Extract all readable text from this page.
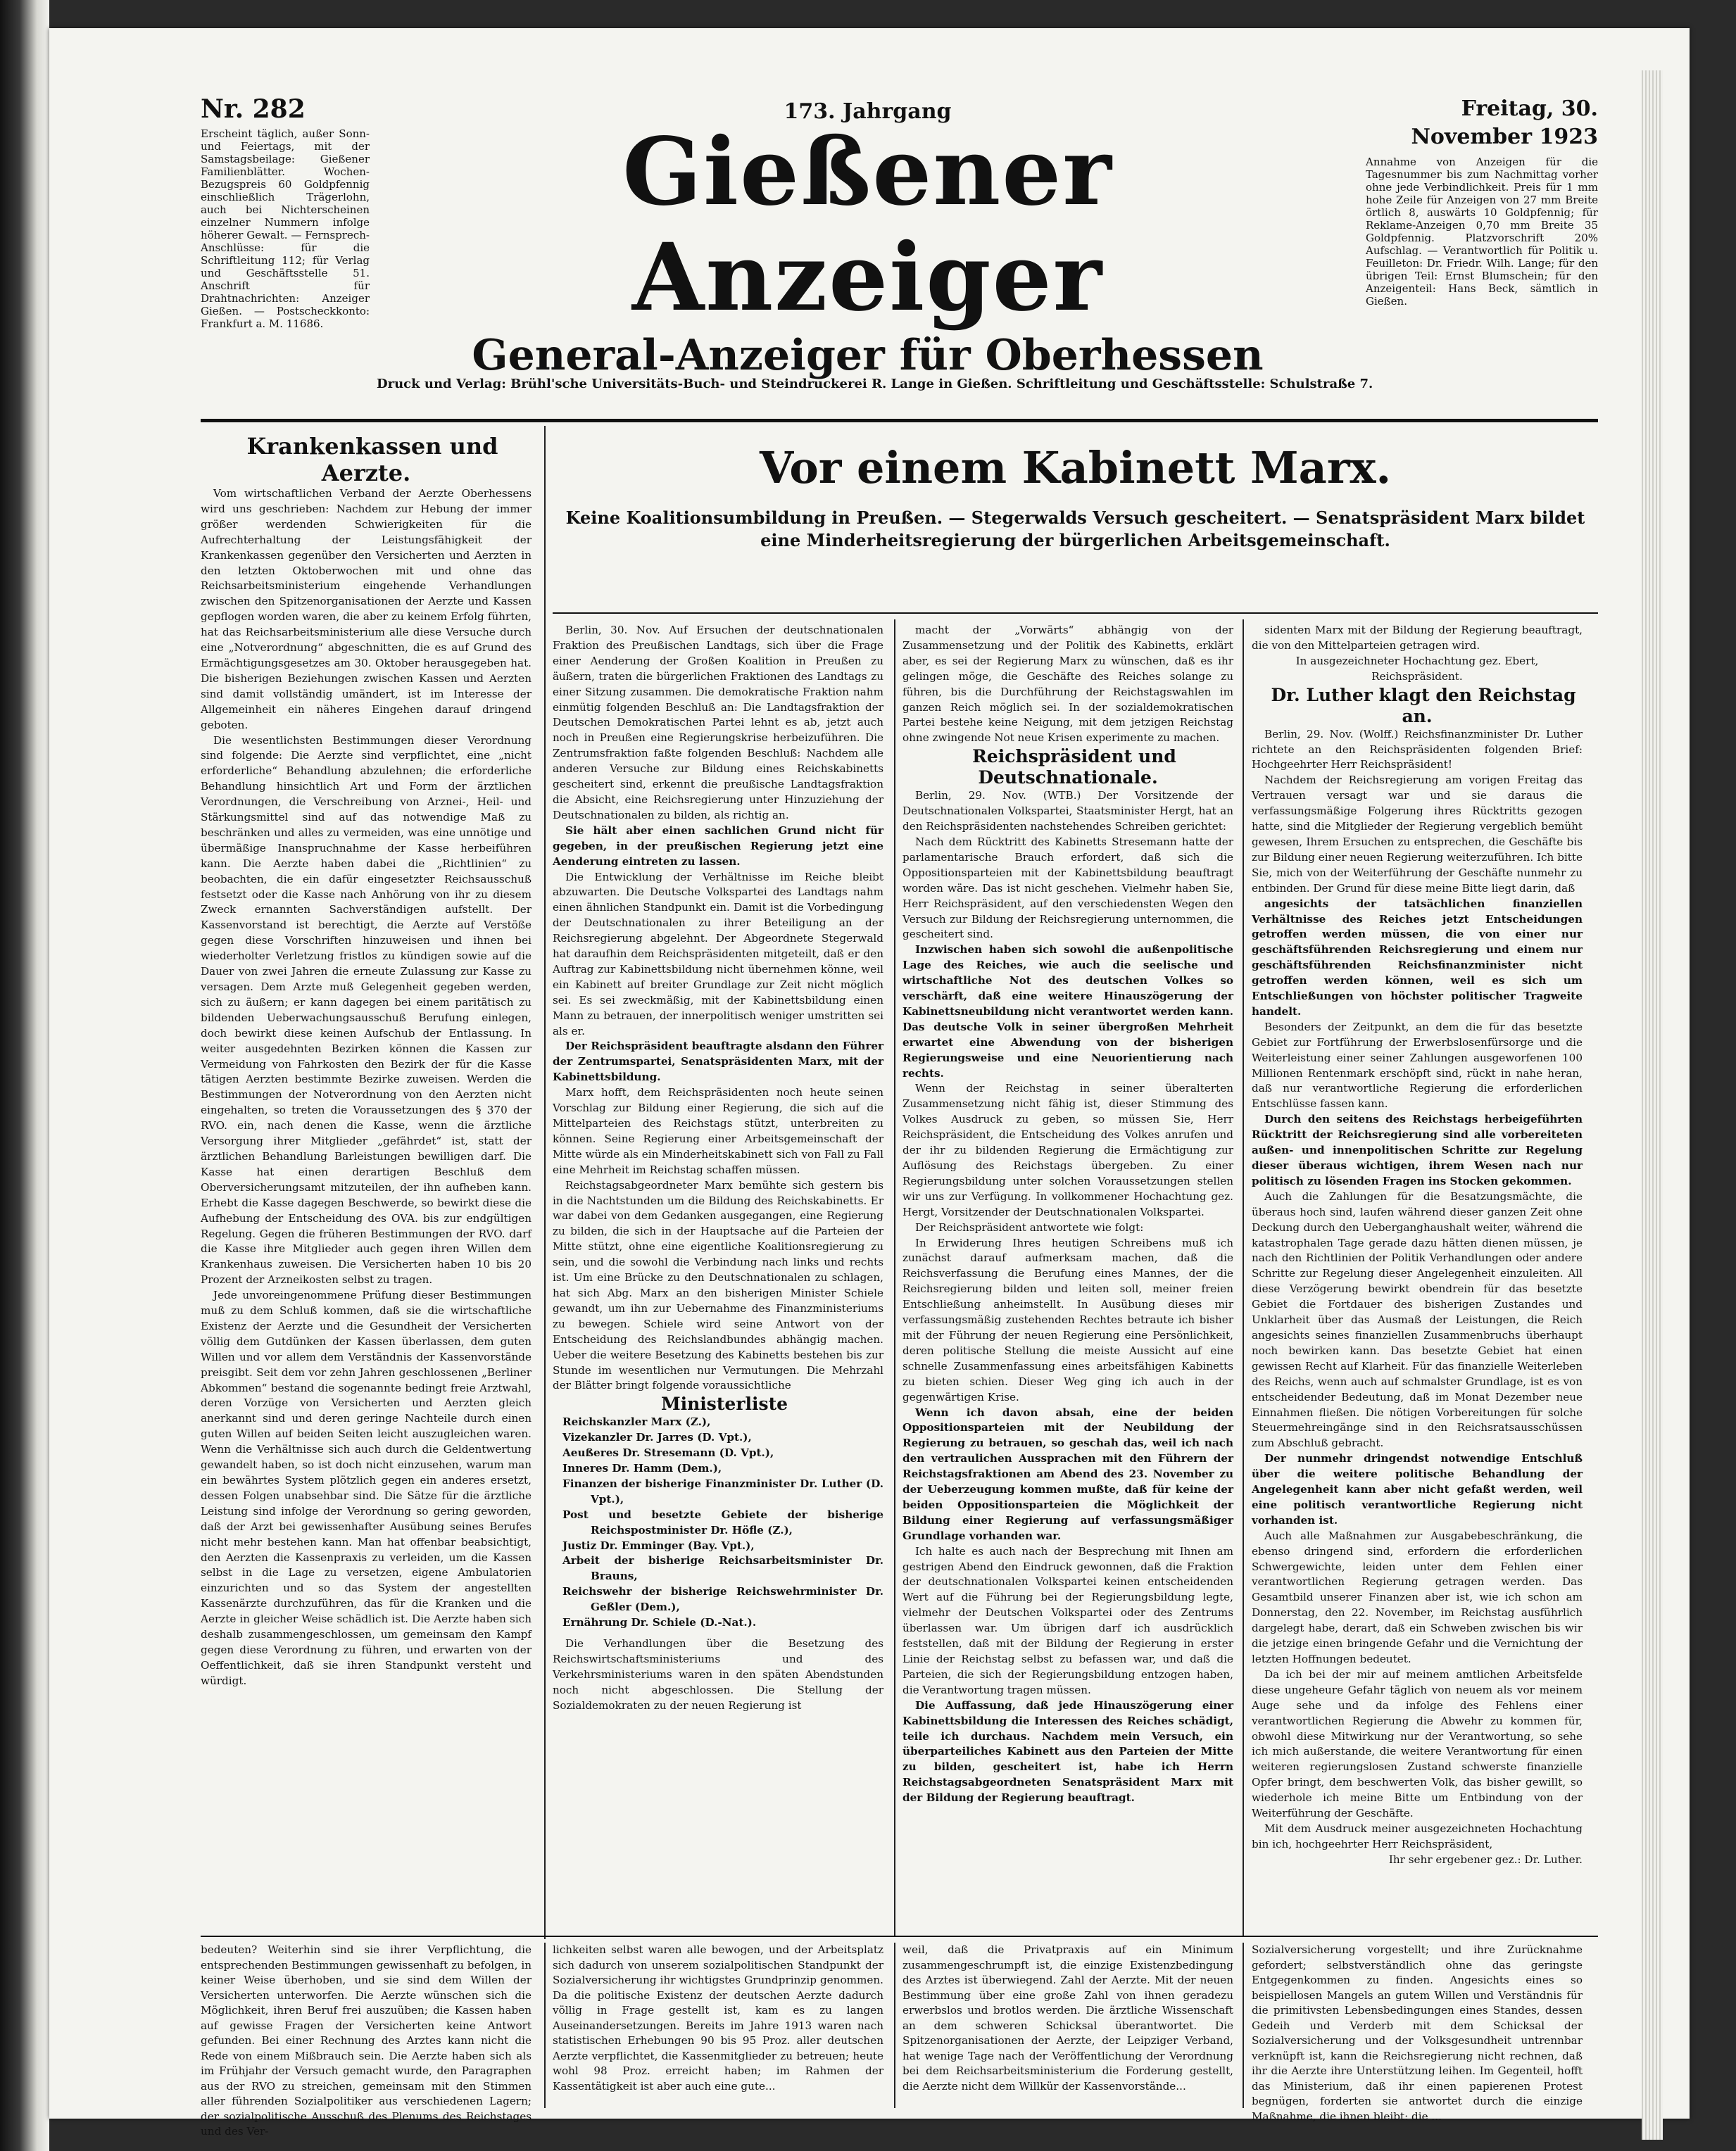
Nr. 282
Erscheint täglich, außer Sonn- und Feiertags, mit der Samstagsbeilage: Gießener Familienblätter. Wochen-Bezugspreis 60 Goldpfennig einschließlich Trägerlohn, auch bei Nichterscheinen einzelner Nummern infolge höherer Gewalt. — Fernsprech-Anschlüsse: für die Schriftleitung 112; für Verlag und Geschäftsstelle 51. Anschrift für Drahtnachrichten: Anzeiger Gießen. — Postscheckkonto: Frankfurt a. M. 11686.
173. Jahrgang
Gießener Anzeiger
General-Anzeiger für Oberhessen
Druck und Verlag: Brühl'sche Universitäts-Buch- und Steindruckerei R. Lange in Gießen. Schriftleitung und Geschäftsstelle: Schulstraße 7.
Freitag, 30. November 1923
Annahme von Anzeigen für die Tagesnummer bis zum Nachmittag vorher ohne jede Verbindlichkeit. Preis für 1 mm hohe Zeile für Anzeigen von 27 mm Breite örtlich 8, auswärts 10 Goldpfennig; für Reklame-Anzeigen 0,70 mm Breite 35 Goldpfennig. Platzvorschrift 20% Aufschlag. — Verantwortlich für Politik u. Feuilleton: Dr. Friedr. Wilh. Lange; für den übrigen Teil: Ernst Blumschein; für den Anzeigenteil: Hans Beck, sämtlich in Gießen.

Krankenkassen und Aerzte.

Vom wirtschaftlichen Verband der Aerzte Oberhessens wird uns geschrieben: Nachdem zur Hebung der immer größer werdenden Schwierigkeiten für die Aufrechterhaltung der Leistungsfähigkeit der Krankenkassen gegenüber den Versicherten und Aerzten in den letzten Oktoberwochen mit und ohne das Reichsarbeitsministerium eingehende Verhandlungen zwischen den Spitzenorganisationen der Aerzte und Kassen gepflogen worden waren, die aber zu keinem Erfolg führten, hat das Reichsarbeitsministerium alle diese Versuche durch eine „Notverordnung“ abgeschnitten, die es auf Grund des Ermächtigungsgesetzes am 30. Oktober herausgegeben hat. Die bisherigen Beziehungen zwischen Kassen und Aerzten sind damit vollständig umändert, ist im Interesse der Allgemeinheit ein näheres Eingehen darauf dringend geboten.

Die wesentlichsten Bestimmungen dieser Verordnung sind folgende: Die Aerzte sind verpflichtet, eine „nicht erforderliche“ Behandlung abzulehnen; die erforderliche Behandlung hinsichtlich Art und Form der ärztlichen Verordnungen, die Verschreibung von Arznei-, Heil- und Stärkungsmittel sind auf das notwendige Maß zu beschränken und alles zu vermeiden, was eine unnötige und übermäßige Inanspruchnahme der Kasse herbeiführen kann. Die Aerzte haben dabei die „Richtlinien“ zu beobachten, die ein dafür eingesetzter Reichsausschuß festsetzt oder die Kasse nach Anhörung von ihr zu diesem Zweck ernannten Sachverständigen aufstellt. Der Kassenvorstand ist berechtigt, die Aerzte auf Verstöße gegen diese Vorschriften hinzuweisen und ihnen bei wiederholter Verletzung fristlos zu kündigen sowie auf die Dauer von zwei Jahren die erneute Zulassung zur Kasse zu versagen. Dem Arzte muß Gelegenheit gegeben werden, sich zu äußern; er kann dagegen bei einem paritätisch zu bildenden Ueberwachungsausschuß Berufung einlegen, doch bewirkt diese keinen Aufschub der Entlassung. In weiter ausgedehnten Bezirken können die Kassen zur Vermeidung von Fahrkosten den Bezirk der für die Kasse tätigen Aerzten bestimmte Bezirke zuweisen. Werden die Bestimmungen der Notverordnung von den Aerzten nicht eingehalten, so treten die Voraussetzungen des § 370 der RVO. ein, nach denen die Kasse, wenn die ärztliche Versorgung ihrer Mitglieder „gefährdet“ ist, statt der ärztlichen Behandlung Barleistungen bewilligen darf. Die Kasse hat einen derartigen Beschluß dem Oberversicherungsamt mitzuteilen, der ihn aufheben kann. Erhebt die Kasse dagegen Beschwerde, so bewirkt diese die Aufhebung der Entscheidung des OVA. bis zur endgültigen Regelung. Gegen die früheren Bestimmungen der RVO. darf die Kasse ihre Mitglieder auch gegen ihren Willen dem Krankenhaus zuweisen. Die Versicherten haben 10 bis 20 Prozent der Arzneikosten selbst zu tragen.

Jede unvoreingenommene Prüfung dieser Bestimmungen muß zu dem Schluß kommen, daß sie die wirtschaftliche Existenz der Aerzte und die Gesundheit der Versicherten völlig dem Gutdünken der Kassen überlassen, dem guten Willen und vor allem dem Verständnis der Kassenvorstände preisgibt. Seit dem vor zehn Jahren geschlossenen „Berliner Abkommen“ bestand die sogenannte bedingt freie Arztwahl, deren Vorzüge von Versicherten und Aerzten gleich anerkannt sind und deren geringe Nachteile durch einen guten Willen auf beiden Seiten leicht auszugleichen waren. Wenn die Verhältnisse sich auch durch die Geldentwertung gewandelt haben, so ist doch nicht einzusehen, warum man ein bewährtes System plötzlich gegen ein anderes ersetzt, dessen Folgen unabsehbar sind. Die Sätze für die ärztliche Leistung sind infolge der Verordnung so gering geworden, daß der Arzt bei gewissenhafter Ausübung seines Berufes nicht mehr bestehen kann. Man hat offenbar beabsichtigt, den Aerzten die Kassenpraxis zu verleiden, um die Kassen selbst in die Lage zu versetzen, eigene Ambulatorien einzurichten und so das System der angestellten Kassenärzte durchzuführen, das für die Kranken und die Aerzte in gleicher Weise schädlich ist. Die Aerzte haben sich deshalb zusammengeschlossen, um gemeinsam den Kampf gegen diese Verordnung zu führen, und erwarten von der Oeffentlichkeit, daß sie ihren Standpunkt versteht und würdigt.

Vor einem Kabinett Marx.
Keine Koalitionsumbildung in Preußen. — Stegerwalds Versuch gescheitert. — Senatspräsident Marx bildet eine Minderheitsregierung der bürgerlichen Arbeitsgemeinschaft.

Berlin, 30. Nov. Auf Ersuchen der deutschnationalen Fraktion des Preußischen Landtags, sich über die Frage einer Aenderung der Großen Koalition in Preußen zu äußern, traten die bürgerlichen Fraktionen des Landtags zu einer Sitzung zusammen. Die demokratische Fraktion nahm einmütig folgenden Beschluß an: Die Landtagsfraktion der Deutschen Demokratischen Partei lehnt es ab, jetzt auch noch in Preußen eine Regierungskrise herbeizuführen. Die Zentrumsfraktion faßte folgenden Beschluß: Nachdem alle anderen Versuche zur Bildung eines Reichskabinetts gescheitert sind, erkennt die preußische Landtagsfraktion die Absicht, eine Reichsregierung unter Hinzuziehung der Deutschnationalen zu bilden, als richtig an.

Sie hält aber einen sachlichen Grund nicht für gegeben, in der preußischen Regierung jetzt eine Aenderung eintreten zu lassen.

Die Entwicklung der Verhältnisse im Reiche bleibt abzuwarten. Die Deutsche Volkspartei des Landtags nahm einen ähnlichen Standpunkt ein. Damit ist die Vorbedingung der Deutschnationalen zu ihrer Beteiligung an der Reichsregierung abgelehnt. Der Abgeordnete Stegerwald hat daraufhin dem Reichspräsidenten mitgeteilt, daß er den Auftrag zur Kabinettsbildung nicht übernehmen könne, weil ein Kabinett auf breiter Grundlage zur Zeit nicht möglich sei. Es sei zweckmäßig, mit der Kabinettsbildung einen Mann zu betrauen, der innerpolitisch weniger umstritten sei als er.

Der Reichspräsident beauftragte alsdann den Führer der Zentrumspartei, Senatspräsidenten Marx, mit der Kabinettsbildung.

Marx hofft, dem Reichspräsidenten noch heute seinen Vorschlag zur Bildung einer Regierung, die sich auf die Mittelparteien des Reichstags stützt, unterbreiten zu können. Seine Regierung einer Arbeitsgemeinschaft der Mitte würde als ein Minderheitskabinett sich von Fall zu Fall eine Mehrheit im Reichstag schaffen müssen.

Reichstagsabgeordneter Marx bemühte sich gestern bis in die Nachtstunden um die Bildung des Reichskabinetts. Er war dabei von dem Gedanken ausgegangen, eine Regierung zu bilden, die sich in der Hauptsache auf die Parteien der Mitte stützt, ohne eine eigentliche Koalitionsregierung zu sein, und die sowohl die Verbindung nach links und rechts ist. Um eine Brücke zu den Deutschnationalen zu schlagen, hat sich Abg. Marx an den bisherigen Minister Schiele gewandt, um ihn zur Uebernahme des Finanzministeriums zu bewegen. Schiele wird seine Antwort von der Entscheidung des Reichslandbundes abhängig machen. Ueber die weitere Besetzung des Kabinetts bestehen bis zur Stunde im wesentlichen nur Vermutungen. Die Mehrzahl der Blätter bringt folgende voraussichtliche

Ministerliste

Reichskanzler Marx (Z.),

Vizekanzler Dr. Jarres (D. Vpt.),

Aeußeres Dr. Stresemann (D. Vpt.),

Inneres Dr. Hamm (Dem.),

Finanzen der bisherige Finanzminister Dr. Luther (D. Vpt.),

Post und besetzte Gebiete der bisherige Reichspostminister Dr. Höfle (Z.),

Justiz Dr. Emminger (Bay. Vpt.),

Arbeit der bisherige Reichsarbeitsminister Dr. Brauns,

Reichswehr der bisherige Reichswehrminister Dr. Geßler (Dem.),

Ernährung Dr. Schiele (D.-Nat.).

Die Verhandlungen über die Besetzung des Reichswirtschaftsministeriums und des Verkehrsministeriums waren in den späten Abendstunden noch nicht abgeschlossen. Die Stellung der Sozialdemokraten zu der neuen Regierung ist

macht der „Vorwärts“ abhängig von der Zusammensetzung und der Politik des Kabinetts, erklärt aber, es sei der Regierung Marx zu wünschen, daß es ihr gelingen möge, die Geschäfte des Reiches solange zu führen, bis die Durchführung der Reichstagswahlen im ganzen Reich möglich sei. In der sozialdemokratischen Partei bestehe keine Neigung, mit dem jetzigen Reichstag ohne zwingende Not neue Krisen experimente zu machen.

Reichspräsident und Deutschnationale.

Berlin, 29. Nov. (WTB.) Der Vorsitzende der Deutschnationalen Volkspartei, Staatsminister Hergt, hat an den Reichspräsidenten nachstehendes Schreiben gerichtet:

Nach dem Rücktritt des Kabinetts Stresemann hatte der parlamentarische Brauch erfordert, daß sich die Oppositionsparteien mit der Kabinettsbildung beauftragt worden wäre. Das ist nicht geschehen. Vielmehr haben Sie, Herr Reichspräsident, auf den verschiedensten Wegen den Versuch zur Bildung der Reichsregierung unternommen, die gescheitert sind.

Inzwischen haben sich sowohl die außenpolitische Lage des Reiches, wie auch die seelische und wirtschaftliche Not des deutschen Volkes so verschärft, daß eine weitere Hinauszögerung der Kabinettsneubildung nicht verantwortet werden kann. Das deutsche Volk in seiner übergroßen Mehrheit erwartet eine Abwendung von der bisherigen Regierungsweise und eine Neuorientierung nach rechts.

Wenn der Reichstag in seiner überalterten Zusammensetzung nicht fähig ist, dieser Stimmung des Volkes Ausdruck zu geben, so müssen Sie, Herr Reichspräsident, die Entscheidung des Volkes anrufen und der ihr zu bildenden Regierung die Ermächtigung zur Auflösung des Reichstags übergeben. Zu einer Regierungsbildung unter solchen Voraussetzungen stellen wir uns zur Verfügung. In vollkommener Hochachtung gez. Hergt, Vorsitzender der Deutschnationalen Volkspartei.

Der Reichspräsident antwortete wie folgt:

In Erwiderung Ihres heutigen Schreibens muß ich zunächst darauf aufmerksam machen, daß die Reichsverfassung die Berufung eines Mannes, der die Reichsregierung bilden und leiten soll, meiner freien Entschließung anheimstellt. In Ausübung dieses mir verfassungsmäßig zustehenden Rechtes betraute ich bisher mit der Führung der neuen Regierung eine Persönlichkeit, deren politische Stellung die meiste Aussicht auf eine schnelle Zusammenfassung eines arbeitsfähigen Kabinetts zu bieten schien. Dieser Weg ging ich auch in der gegenwärtigen Krise.

Wenn ich davon absah, eine der beiden Oppositionsparteien mit der Neubildung der Regierung zu betrauen, so geschah das, weil ich nach den vertraulichen Aussprachen mit den Führern der Reichstagsfraktionen am Abend des 23. November zu der Ueberzeugung kommen mußte, daß für keine der beiden Oppositionsparteien die Möglichkeit der Bildung einer Regierung auf verfassungsmäßiger Grundlage vorhanden war.

Ich halte es auch nach der Besprechung mit Ihnen am gestrigen Abend den Eindruck gewonnen, daß die Fraktion der deutschnationalen Volkspartei keinen entscheidenden Wert auf die Führung bei der Regierungsbildung legte, vielmehr der Deutschen Volkspartei oder des Zentrums überlassen war. Um übrigen darf ich ausdrücklich feststellen, daß mit der Bildung der Regierung in erster Linie der Reichstag selbst zu befassen war, und daß die Parteien, die sich der Regierungsbildung entzogen haben, die Verantwortung tragen müssen.

Die Auffassung, daß jede Hinauszögerung einer Kabinettsbildung die Interessen des Reiches schädigt, teile ich durchaus. Nachdem mein Versuch, ein überparteiliches Kabinett aus den Parteien der Mitte zu bilden, gescheitert ist, habe ich Herrn Reichstagsabgeordneten Senatspräsident Marx mit der Bildung der Regierung beauftragt.

sidenten Marx mit der Bildung der Regierung beauftragt, die von den Mittelparteien getragen wird.

In ausgezeichneter Hochachtung gez. Ebert, Reichspräsident.

Dr. Luther klagt den Reichstag an.

Berlin, 29. Nov. (Wolff.) Reichsfinanzminister Dr. Luther richtete an den Reichspräsidenten folgenden Brief: Hochgeehrter Herr Reichspräsident!

Nachdem der Reichsregierung am vorigen Freitag das Vertrauen versagt war und sie daraus die verfassungsmäßige Folgerung ihres Rücktritts gezogen hatte, sind die Mitglieder der Regierung vergeblich bemüht gewesen, Ihrem Ersuchen zu entsprechen, die Geschäfte bis zur Bildung einer neuen Regierung weiterzuführen. Ich bitte Sie, mich von der Weiterführung der Geschäfte nunmehr zu entbinden. Der Grund für diese meine Bitte liegt darin, daß

angesichts der tatsächlichen finanziellen Verhältnisse des Reiches jetzt Entscheidungen getroffen werden müssen, die von einer nur geschäftsführenden Reichsregierung und einem nur geschäftsführenden Reichsfinanzminister nicht getroffen werden können, weil es sich um Entschließungen von höchster politischer Tragweite handelt.

Besonders der Zeitpunkt, an dem die für das besetzte Gebiet zur Fortführung der Erwerbslosenfürsorge und die Weiterleistung einer seiner Zahlungen ausgeworfenen 100 Millionen Rentenmark erschöpft sind, rückt in nahe heran, daß nur verantwortliche Regierung die erforderlichen Entschlüsse fassen kann.

Durch den seitens des Reichstags herbeigeführten Rücktritt der Reichsregierung sind alle vorbereiteten außen- und innenpolitischen Schritte zur Regelung dieser überaus wichtigen, ihrem Wesen nach nur politisch zu lösenden Fragen ins Stocken gekommen.

Auch die Zahlungen für die Besatzungsmächte, die überaus hoch sind, laufen während dieser ganzen Zeit ohne Deckung durch den Ueberganghaushalt weiter, während die katastrophalen Tage gerade dazu hätten dienen müssen, je nach den Richtlinien der Politik Verhandlungen oder andere Schritte zur Regelung dieser Angelegenheit einzuleiten. All diese Verzögerung bewirkt obendrein für das besetzte Gebiet die Fortdauer des bisherigen Zustandes und Unklarheit über das Ausmaß der Leistungen, die Reich angesichts seines finanziellen Zusammenbruchs überhaupt noch bewirken kann. Das besetzte Gebiet hat einen gewissen Recht auf Klarheit. Für das finanzielle Weiterleben des Reichs, wenn auch auf schmalster Grundlage, ist es von entscheidender Bedeutung, daß im Monat Dezember neue Einnahmen fließen. Die nötigen Vorbereitungen für solche Steuermehreingänge sind in den Reichsratsausschüssen zum Abschluß gebracht.

Der nunmehr dringendst notwendige Entschluß über die weitere politische Behandlung der Angelegenheit kann aber nicht gefaßt werden, weil eine politisch verantwortliche Regierung nicht vorhanden ist.

Auch alle Maßnahmen zur Ausgabebeschränkung, die ebenso dringend sind, erfordern die erforderlichen Schwergewichte, leiden unter dem Fehlen einer verantwortlichen Regierung getragen werden. Das Gesamtbild unserer Finanzen aber ist, wie ich schon am Donnerstag, den 22. November, im Reichstag ausführlich dargelegt habe, derart, daß ein Schweben zwischen bis wir die jetzige einen bringende Gefahr und die Vernichtung der letzten Hoffnungen bedeutet.

Da ich bei der mir auf meinem amtlichen Arbeitsfelde diese ungeheure Gefahr täglich von neuem als vor meinem Auge sehe und da infolge des Fehlens einer verantwortlichen Regierung die Abwehr zu kommen für, obwohl diese Mitwirkung nur der Verantwortung, so sehe ich mich außerstande, die weitere Verantwortung für einen weiteren regierungslosen Zustand schwerste finanzielle Opfer bringt, dem beschwerten Volk, das bisher gewillt, so wiederhole ich meine Bitte um Entbindung von der Weiterführung der Geschäfte.

Mit dem Ausdruck meiner ausgezeichneten Hochachtung bin ich, hochgeehrter Herr Reichspräsident,

Ihr sehr ergebener gez.: Dr. Luther.

bedeuten? Weiterhin sind sie ihrer Verpflichtung, die entsprechenden Bestimmungen gewissenhaft zu befolgen, in keiner Weise überhoben, und sie sind dem Willen der Versicherten unterworfen. Die Aerzte wünschen sich die Möglichkeit, ihren Beruf frei auszuüben; die Kassen haben auf gewisse Fragen der Versicherten keine Antwort gefunden. Bei einer Rechnung des Arztes kann nicht die Rede von einem Mißbrauch sein. Die Aerzte haben sich als im Frühjahr der Versuch gemacht wurde, den Paragraphen aus der RVO zu streichen, gemeinsam mit den Stimmen aller führenden Sozialpolitiker aus verschiedenen Lagern; der sozialpolitische Ausschuß des Plenums des Reichstages und des Ver-
lichkeiten selbst waren alle bewogen, und der Arbeitsplatz sich dadurch von unserem sozialpolitischen Standpunkt der Sozialversicherung ihr wichtigstes Grundprinzip genommen. Da die politische Existenz der deutschen Aerzte dadurch völlig in Frage gestellt ist, kam es zu langen Auseinandersetzungen. Bereits im Jahre 1913 waren nach statistischen Erhebungen 90 bis 95 Proz. aller deutschen Aerzte verpflichtet, die Kassenmitglieder zu betreuen; heute wohl 98 Proz. erreicht haben; im Rahmen der Kassentätigkeit ist aber auch eine gute...
weil, daß die Privatpraxis auf ein Minimum zusammengeschrumpft ist, die einzige Existenzbedingung des Arztes ist überwiegend. Zahl der Aerzte. Mit der neuen Bestimmung über eine große Zahl von ihnen geradezu erwerbslos und brotlos werden. Die ärztliche Wissenschaft an dem schweren Schicksal überantwortet. Die Spitzenorganisationen der Aerzte, der Leipziger Verband, hat wenige Tage nach der Veröffentlichung der Verordnung bei dem Reichsarbeitsministerium die Forderung gestellt, die Aerzte nicht dem Willkür der Kassenvorstände...
Sozialversicherung vorgestellt; und ihre Zurücknahme gefordert; selbstverständlich ohne das geringste Entgegenkommen zu finden. Angesichts eines so beispiellosen Mangels an gutem Willen und Verständnis für die primitivsten Lebensbedingungen eines Standes, dessen Gedeih und Verderb mit dem Schicksal der Sozialversicherung und der Volksgesundheit untrennbar verknüpft ist, kann die Reichsregierung nicht rechnen, daß ihr die Aerzte ihre Unterstützung leihen. Im Gegenteil, hofft das Ministerium, daß ihr einen papierenen Protest begnügen, forderten sie antwortet durch die einzige Maßnahme, die ihnen bleibt: die ...
